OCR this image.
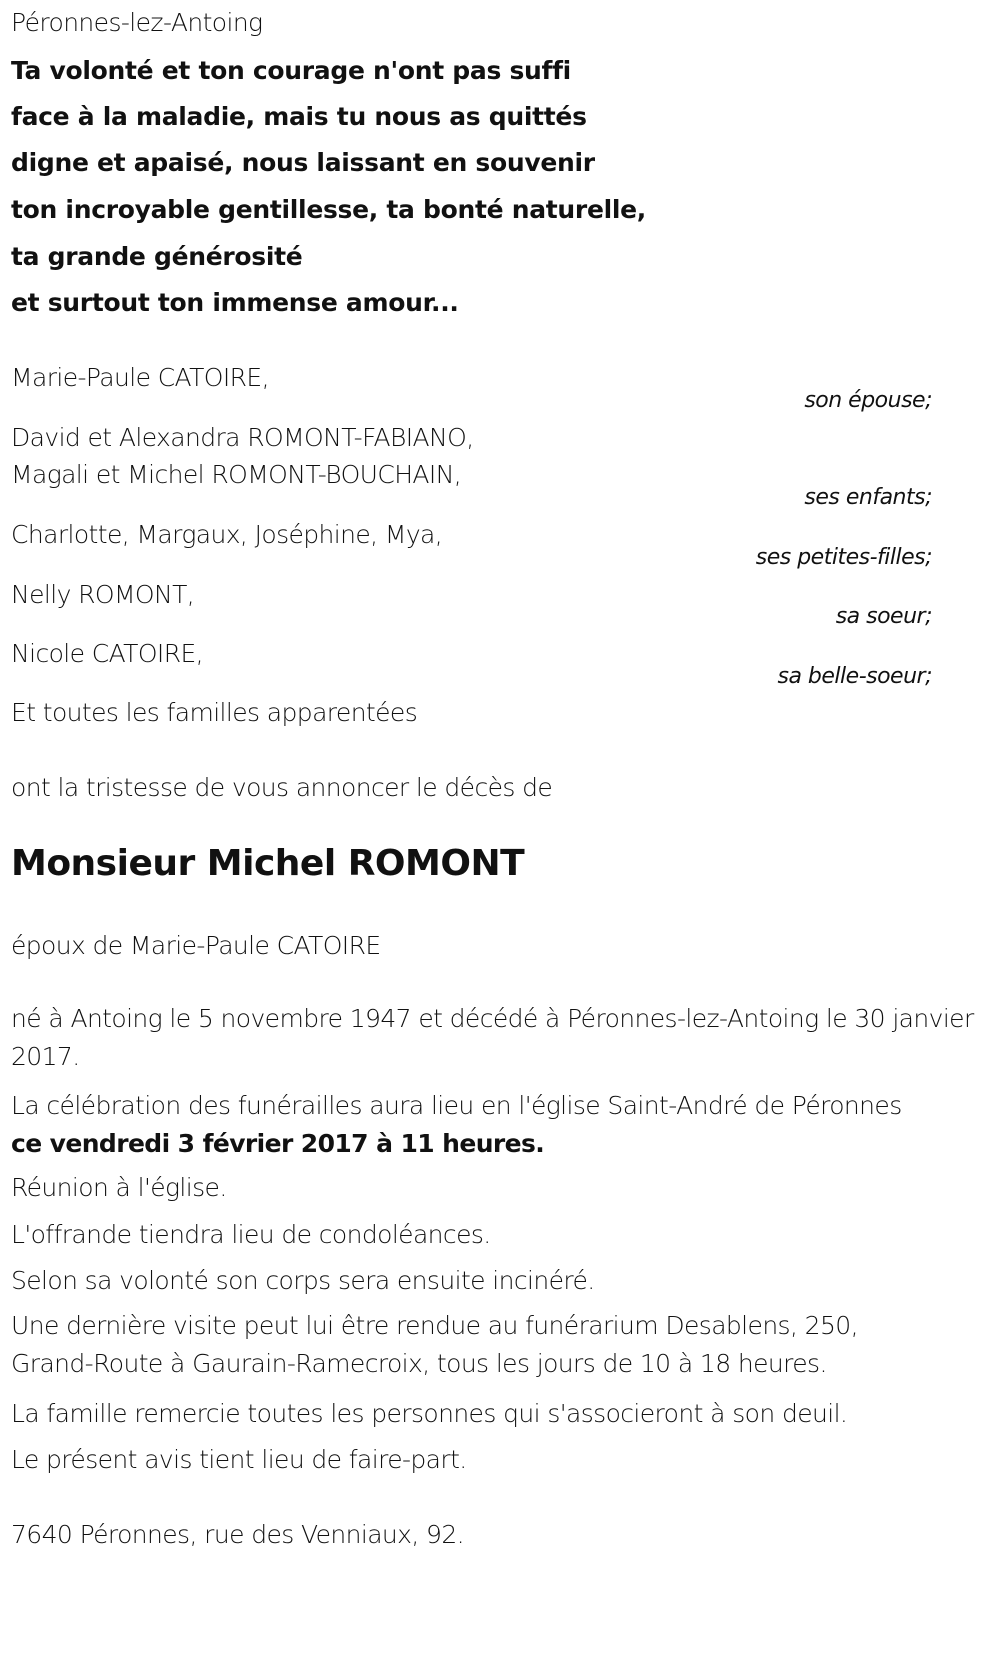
Péronnes-lez-Antoing
Ta volonté et ton courage n'ont pas suffi
face à la maladie, mais tu nous as quittés
digne et apaisé, nous laissant en souvenir
ton incroyable gentillesse, ta bonté naturelle,
ta grande générosité
et surtout ton immense amour...
Marie-Paule CATOIRE,
son épouse;
David et Alexandra ROMONT-FABIANO,
Magali et Michel ROMONT-BOUCHAIN,
ses enfants;
Charlotte, Margaux, Joséphine, Mya,
ses petites-filles;
Nelly ROMONT,
sa soeur;
Nicole CATOIRE,
sa belle-soeur;
Et toutes les familles apparentées
ont la tristesse de vous annoncer le décès de
Monsieur Michel ROMONT
époux de Marie-Paule CATOIRE
né à Antoing le 5 novembre 1947 et décédé à Péronnes-lez-Antoing le 30 janvier 2017.
La célébration des funérailles aura lieu en l'église Saint-André de Péronnes ce vendredi 3 février 2017 à 11 heures.
Réunion à l'église.
L'offrande tiendra lieu de condoléances.
Selon sa volonté son corps sera ensuite incinéré.
Une dernière visite peut lui être rendue au funérarium Desablens, 250, Grand-Route à Gaurain-Ramecroix, tous les jours de 10 à 18 heures.
La famille remercie toutes les personnes qui s'associeront à son deuil.
Le présent avis tient lieu de faire-part.
7640 Péronnes, rue des Venniaux, 92.
